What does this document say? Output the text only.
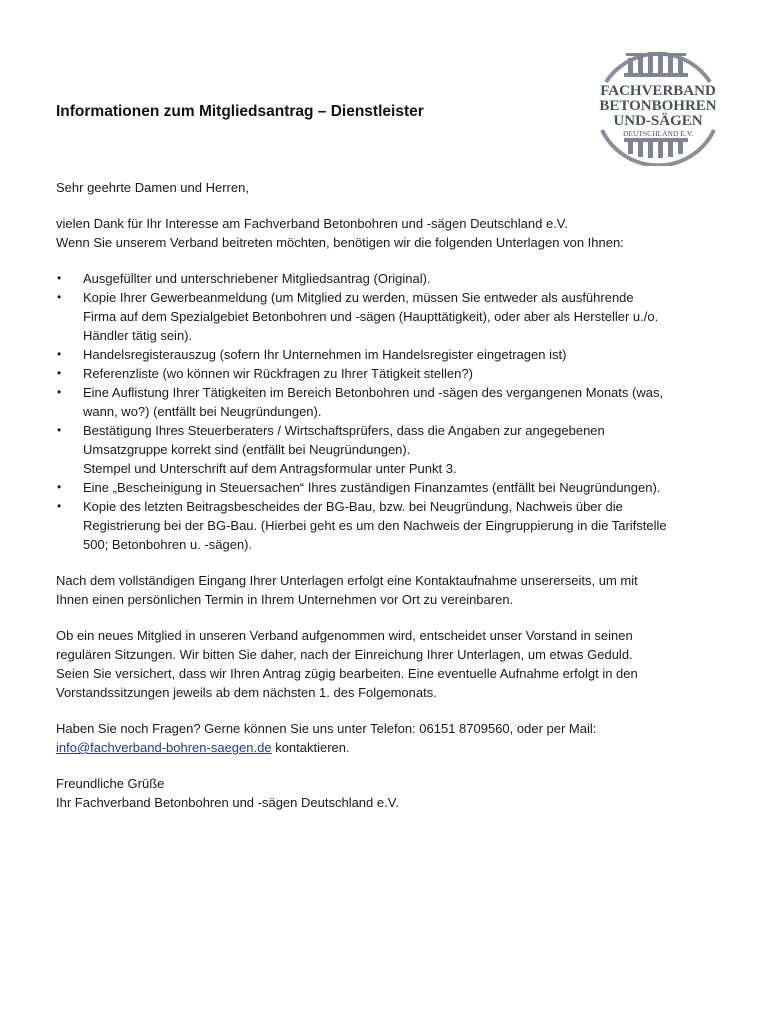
Informationen zum Mitgliedsantrag – Dienstleister
FACHVERBAND
BETONBOHREN
UND-SÄGEN
DEUTSCHLAND E.V.

Sehr geehrte Damen und Herren,

vielen Dank für Ihr Interesse am Fachverband Betonbohren und -sägen Deutschland e.V.

Wenn Sie unserem Verband beitreten möchten, benötigen wir die folgenden Unterlagen von Ihnen:

• Ausgefüllter und unterschriebener Mitgliedsantrag (Original).
• Kopie Ihrer Gewerbeanmeldung (um Mitglied zu werden, müssen Sie entweder als ausführende
Firma auf dem Spezialgebiet Betonbohren und -sägen (Haupttätigkeit), oder aber als Hersteller u./o.
Händler tätig sein).
• Handelsregisterauszug (sofern Ihr Unternehmen im Handelsregister eingetragen ist)
• Referenzliste (wo können wir Rückfragen zu Ihrer Tätigkeit stellen?)
• Eine Auflistung Ihrer Tätigkeiten im Bereich Betonbohren und -sägen des vergangenen Monats (was,
wann, wo?) (entfällt bei Neugründungen).
• Bestätigung Ihres Steuerberaters / Wirtschaftsprüfers, dass die Angaben zur angegebenen
Umsatzgruppe korrekt sind (entfällt bei Neugründungen).
Stempel und Unterschrift auf dem Antragsformular unter Punkt 3.
• Eine „Bescheinigung in Steuersachen“ Ihres zuständigen Finanzamtes (entfällt bei Neugründungen).
• Kopie des letzten Beitragsbescheides der BG-Bau, bzw. bei Neugründung, Nachweis über die
Registrierung bei der BG-Bau. (Hierbei geht es um den Nachweis der Eingruppierung in die Tarifstelle
500; Betonbohren u. -sägen).

Nach dem vollständigen Eingang Ihrer Unterlagen erfolgt eine Kontaktaufnahme unsererseits, um mit

Ihnen einen persönlichen Termin in Ihrem Unternehmen vor Ort zu vereinbaren.

Ob ein neues Mitglied in unseren Verband aufgenommen wird, entscheidet unser Vorstand in seinen

regulären Sitzungen. Wir bitten Sie daher, nach der Einreichung Ihrer Unterlagen, um etwas Geduld.

Seien Sie versichert, dass wir Ihren Antrag zügig bearbeiten. Eine eventuelle Aufnahme erfolgt in den

Vorstandssitzungen jeweils ab dem nächsten 1. des Folgemonats.

Haben Sie noch Fragen? Gerne können Sie uns unter Telefon: 06151 8709560, oder per Mail:

info@fachverband-bohren-saegen.de kontaktieren.

Freundliche Grüße

Ihr Fachverband Betonbohren und -sägen Deutschland e.V.
